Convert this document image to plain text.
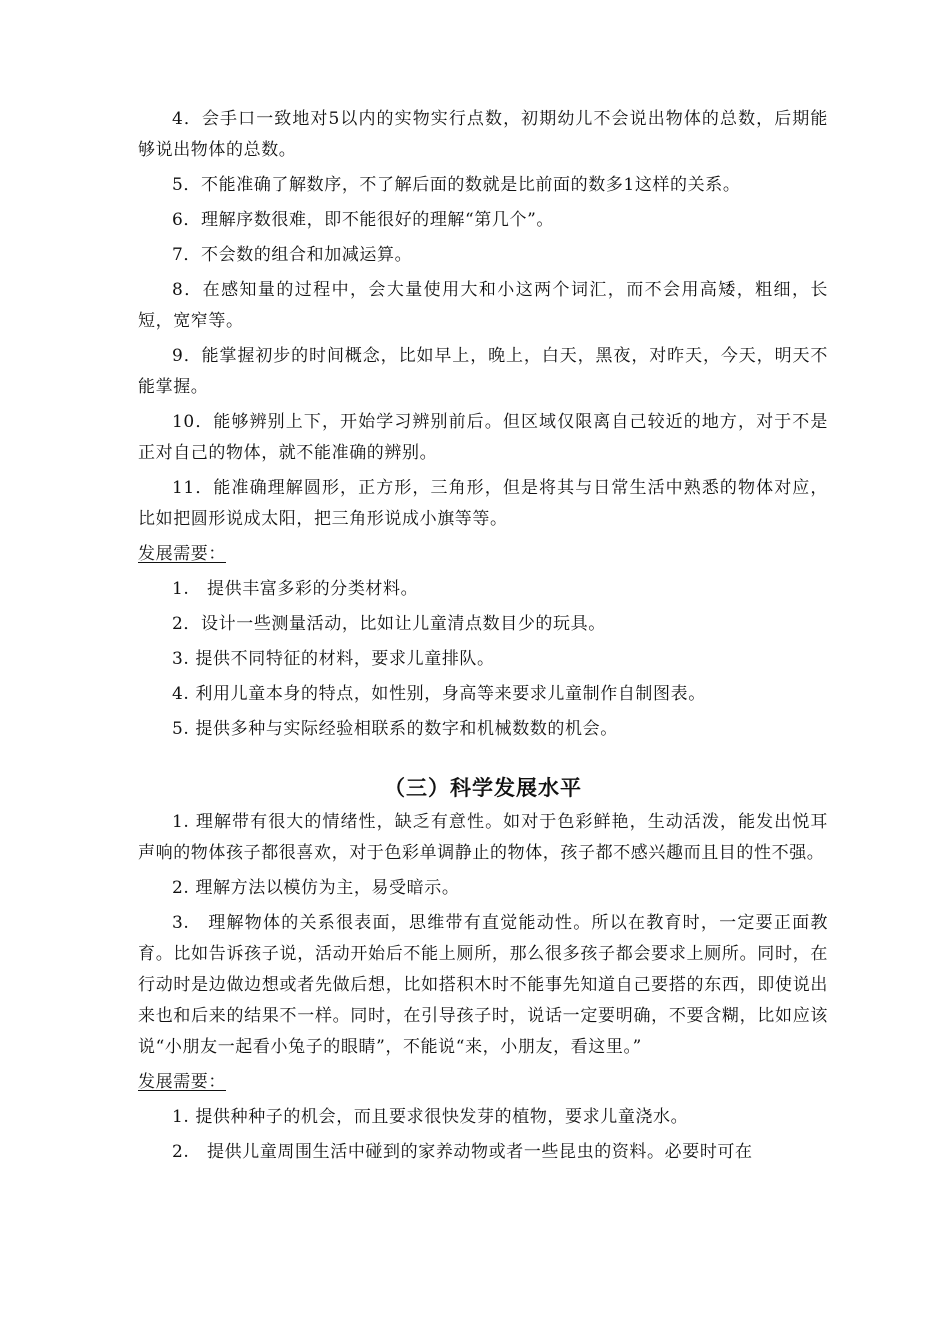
4．会手口一致地对5以内的实物实行点数，初期幼儿不会说出物体的总数，后期能够说出物体的总数。

5．不能准确了解数序，不了解后面的数就是比前面的数多1这样的关系。

6．理解序数很难，即不能很好的理解“第几个”。

7．不会数的组合和加减运算。

8．在感知量的过程中，会大量使用大和小这两个词汇，而不会用高矮，粗细，长短，宽窄等。

9．能掌握初步的时间概念，比如早上，晚上，白天，黑夜，对昨天，今天，明天不能掌握。

10．能够辨别上下，开始学习辨别前后。但区域仅限离自己较近的地方，对于不是正对自己的物体，就不能准确的辨别。

11．能准确理解圆形，正方形，三角形，但是将其与日常生活中熟悉的物体对应，比如把圆形说成太阳，把三角形说成小旗等等。

发展需要：

1.　提供丰富多彩的分类材料。

2．设计一些测量活动，比如让儿童清点数目少的玩具。

3. 提供不同特征的材料，要求儿童排队。

4. 利用儿童本身的特点，如性别，身高等来要求儿童制作自制图表。

5. 提供多种与实际经验相联系的数字和机械数数的机会。

（三）科学发展水平

1. 理解带有很大的情绪性，缺乏有意性。如对于色彩鲜艳，生动活泼，能发出悦耳声响的物体孩子都很喜欢，对于色彩单调静止的物体，孩子都不感兴趣而且目的性不强。

2. 理解方法以模仿为主，易受暗示。

3.　理解物体的关系很表面，思维带有直觉能动性。所以在教育时，一定要正面教育。比如告诉孩子说，活动开始后不能上厕所，那么很多孩子都会要求上厕所。同时，在行动时是边做边想或者先做后想，比如搭积木时不能事先知道自己要搭的东西，即使说出来也和后来的结果不一样。同时，在引导孩子时，说话一定要明确，不要含糊，比如应该说“小朋友一起看小兔子的眼睛”，不能说“来，小朋友，看这里。”

发展需要：

1. 提供种种子的机会，而且要求很快发芽的植物，要求儿童浇水。

2.　提供儿童周围生活中碰到的家养动物或者一些昆虫的资料。必要时可在
